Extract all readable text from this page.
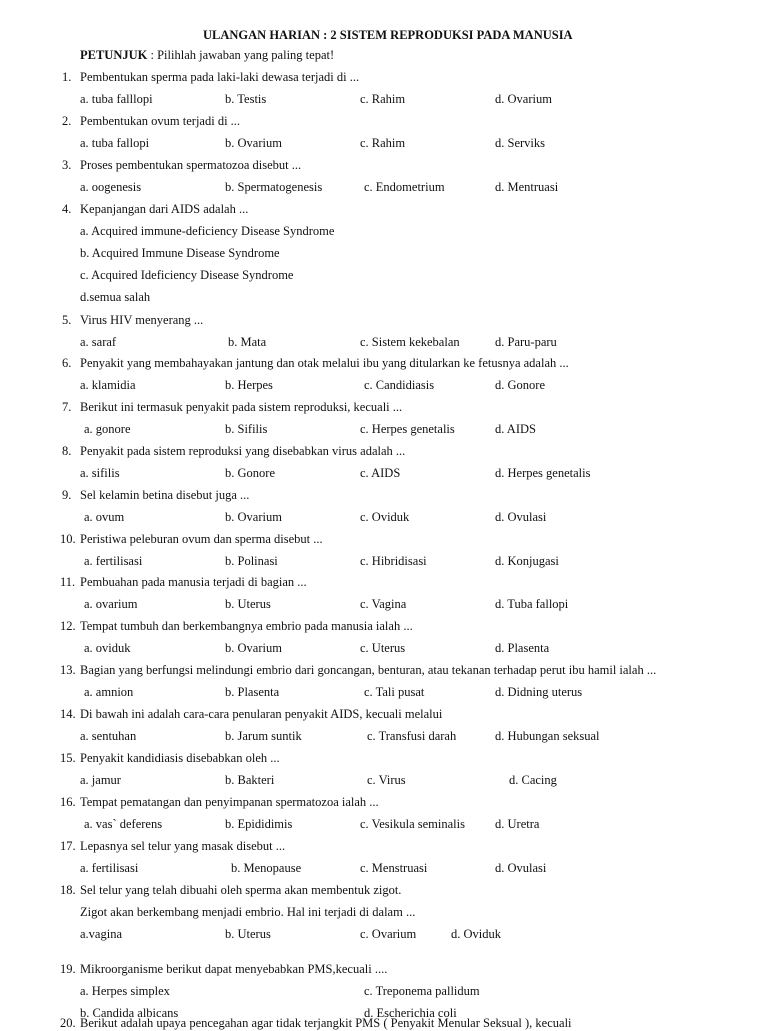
ULANGAN HARIAN : 2 SISTEM REPRODUKSI PADA MANUSIA
PETUNJUK : Pilihlah jawaban yang paling tepat!
1. Pembentukan sperma pada laki-laki dewasa terjadi di ...
a. tuba falllopi	b. Testis	c. Rahim	d. Ovarium
2. Pembentukan ovum terjadi di ...
a. tuba fallopi	b. Ovarium	c. Rahim	d. Serviks
3. Proses pembentukan spermatozoa disebut ...
a. oogenesis	b. Spermatogenesis	c. Endometrium	d. Mentruasi
4. Kepanjangan dari AIDS adalah ...
a. Acquired immune-deficiency Disease Syndrome
b. Acquired Immune Disease Syndrome
c. Acquired Ideficiency Disease Syndrome
d.semua salah
5. Virus HIV menyerang ...
a. saraf	b. Mata	c. Sistem kekebalan	d. Paru-paru
6. Penyakit yang membahayakan jantung dan otak melalui ibu yang ditularkan ke fetusnya adalah ...
a. klamidia	b. Herpes	c. Candidiasis	d. Gonore
7. Berikut ini termasuk penyakit pada sistem reproduksi, kecuali ...
a. gonore	b. Sifilis	c. Herpes genetalis	d. AIDS
8. Penyakit pada sistem reproduksi yang disebabkan virus adalah ...
a. sifilis	b. Gonore	c. AIDS	d. Herpes genetalis
9. Sel kelamin betina disebut juga ...
a. ovum	b. Ovarium	c. Oviduk	d. Ovulasi
10. Peristiwa peleburan ovum dan sperma disebut ...
a. fertilisasi	b. Polinasi	c. Hibridisasi	d. Konjugasi
11. Pembuahan pada manusia terjadi di bagian ...
a. ovarium	b. Uterus	c. Vagina	d. Tuba fallopi
12. Tempat tumbuh dan berkembangnya embrio pada manusia ialah ...
a. oviduk	b. Ovarium	c. Uterus	d. Plasenta
13. Bagian yang berfungsi melindungi embrio dari goncangan, benturan, atau tekanan terhadap perut ibu hamil ialah ...
a. amnion	b. Plasenta	c. Tali pusat	d. Didning uterus
14. Di bawah ini adalah cara-cara penularan penyakit AIDS, kecuali melalui
a. sentuhan	b. Jarum suntik	c. Transfusi darah	d. Hubungan seksual
15. Penyakit kandidiasis disebabkan oleh ...
a. jamur	b. Bakteri	c. Virus	d. Cacing
16. Tempat pematangan dan penyimpanan spermatozoa ialah ...
a. vas` deferens	b. Epididimis	c. Vesikula seminalis d. Uretra
17. Lepasnya sel telur yang masak disebut ...
a. fertilisasi	b. Menopause	c. Menstruasi	d. Ovulasi
18. Sel telur yang telah dibuahi oleh sperma akan membentuk zigot.
Zigot akan berkembang menjadi embrio. Hal ini terjadi di dalam ...
a.vagina	b. Uterus	c. Ovarium	d. Oviduk
19. Mikroorganisme berikut dapat menyebabkan PMS,kecuali ....
a. Herpes simplex	c. Treponema pallidum
b. Candida albicans	d. Escherichia coli
20. Berikut adalah upaya pencegahan agar tidak terjangkit PMS ( Penyakit Menular Seksual ), kecuali
